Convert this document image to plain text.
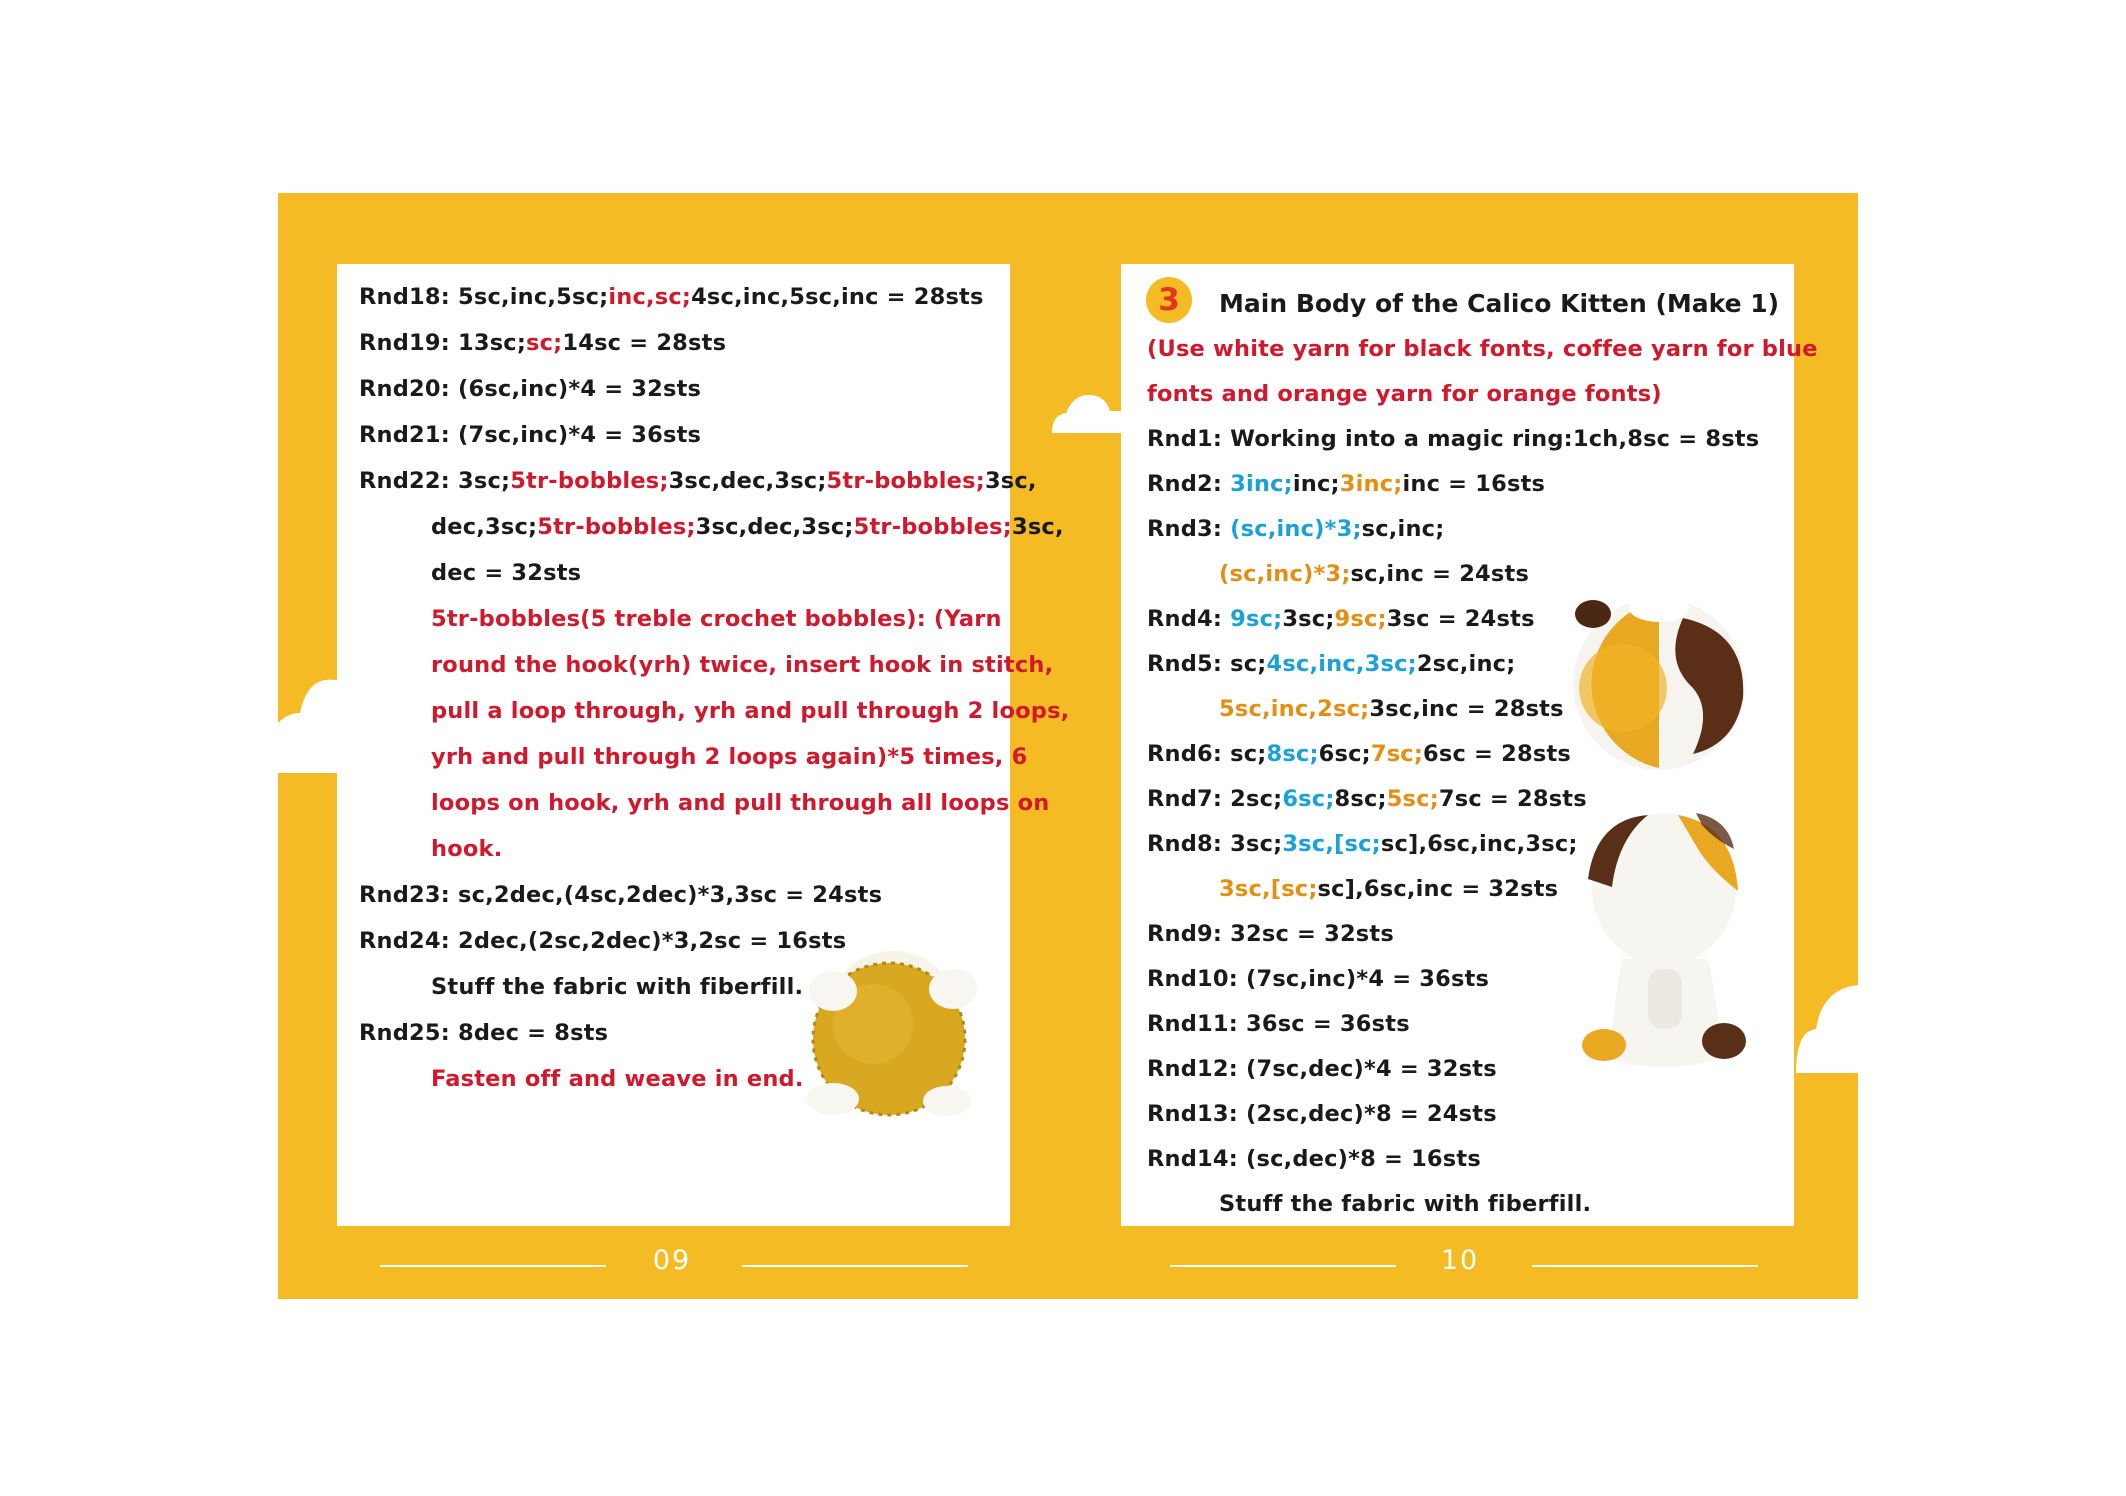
Rnd18: 5sc,inc,5sc;inc,sc;4sc,inc,5sc,inc = 28sts
Rnd19: 13sc;sc;14sc = 28sts
Rnd20: (6sc,inc)*4 = 32sts
Rnd21: (7sc,inc)*4 = 36sts
Rnd22: 3sc;5tr-bobbles;3sc,dec,3sc;5tr-bobbles;3sc,
dec,3sc;5tr-bobbles;3sc,dec,3sc;5tr-bobbles;3sc,
dec = 32sts
5tr-bobbles(5 treble crochet bobbles): (Yarn
round the hook(yrh) twice, insert hook in stitch,
pull a loop through, yrh and pull through 2 loops,
yrh and pull through 2 loops again)*5 times, 6
loops on hook, yrh and pull through all loops on
hook.
Rnd23: sc,2dec,(4sc,2dec)*3,3sc = 24sts
Rnd24: 2dec,(2sc,2dec)*3,2sc = 16sts
Stuff the fabric with fiberfill.
Rnd25: 8dec = 8sts
Fasten off and weave in end.
3	Main Body of the Calico Kitten (Make 1)
(Use white yarn for black fonts, coffee yarn for blue
fonts and orange yarn for orange fonts)
Rnd1: Working into a magic ring:1ch,8sc = 8sts
Rnd2: 3inc;inc;3inc;inc = 16sts
Rnd3: (sc,inc)*3;sc,inc;
(sc,inc)*3;sc,inc = 24sts
Rnd4: 9sc;3sc;9sc;3sc = 24sts
Rnd5: sc;4sc,inc,3sc;2sc,inc;
5sc,inc,2sc;3sc,inc = 28sts
Rnd6: sc;8sc;6sc;7sc;6sc = 28sts
Rnd7: 2sc;6sc;8sc;5sc;7sc = 28sts
Rnd8: 3sc;3sc,[sc;sc],6sc,inc,3sc;
3sc,[sc;sc],6sc,inc = 32sts
Rnd9: 32sc = 32sts
Rnd10: (7sc,inc)*4 = 36sts
Rnd11: 36sc = 36sts
Rnd12: (7sc,dec)*4 = 32sts
Rnd13: (2sc,dec)*8 = 24sts
Rnd14: (sc,dec)*8 = 16sts
Stuff the fabric with fiberfill.
09	10
